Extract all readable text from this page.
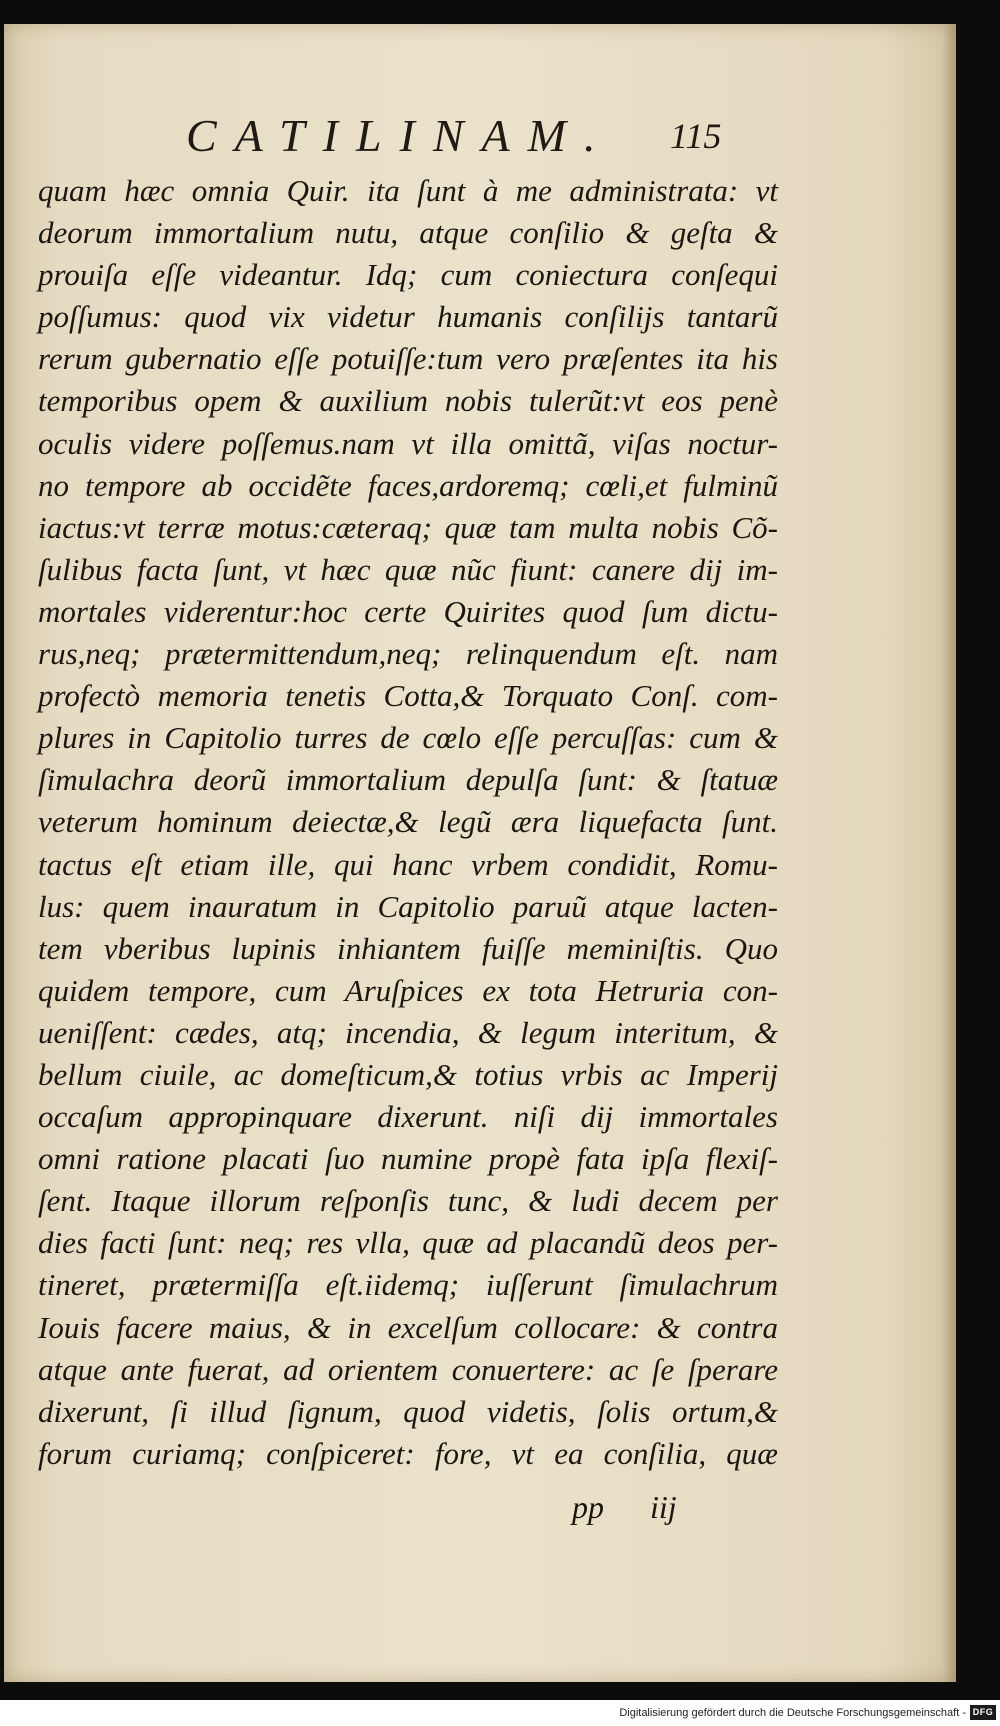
CATILINAM. 115
quam hæc omnia Quir. ita ſunt à me administrata: vt
deorum immortalium nutu, atque conſilio & geſta &
prouiſa eſſe videantur. Idq; cum coniectura conſequi
poſſumus: quod vix videtur humanis conſilijs tantarũ
rerum gubernatio eſſe potuiſſe:tum vero præſentes ita his
temporibus opem & auxilium nobis tulerũt:vt eos penè
oculis videre poſſemus.nam vt illa omittã, viſas noctur-
no tempore ab occidẽte faces,ardoremq; cœli,et fulminũ
iactus:vt terræ motus:cæteraq; quæ tam multa nobis Cõ-
ſulibus facta ſunt, vt hæc quæ nũc fiunt: canere dij im-
mortales viderentur:hoc certe Quirites quod ſum dictu-
rus,neq; prætermittendum,neq; relinquendum eſt. nam
profectò memoria tenetis Cotta,& Torquato Conſ. com-
plures in Capitolio turres de cœlo eſſe percuſſas: cum &
ſimulachra deorũ immortalium depulſa ſunt: & ſtatuæ
veterum hominum deiectæ,& legũ æra liquefacta ſunt.
tactus eſt etiam ille, qui hanc vrbem condidit, Romu-
lus: quem inauratum in Capitolio paruũ atque lacten-
tem vberibus lupinis inhiantem fuiſſe meminiſtis. Quo
quidem tempore, cum Aruſpices ex tota Hetruria con-
ueniſſent: cædes, atq; incendia, & legum interitum, &
bellum ciuile, ac domeſticum,& totius vrbis ac Imperij
occaſum appropinquare dixerunt. niſi dij immortales
omni ratione placati ſuo numine propè fata ipſa flexiſ-
ſent. Itaque illorum reſponſis tunc, & ludi decem per
dies facti ſunt: neq; res vlla, quæ ad placandũ deos per-
tineret, prætermiſſa eſt.iidemq; iuſſerunt ſimulachrum
Iouis facere maius, & in excelſum collocare: & contra
atque ante fuerat, ad orientem conuertere: ac ſe ſperare
dixerunt, ſi illud ſignum, quod videtis, ſolis ortum,&
forum curiamq; conſpiceret: fore, vt ea conſilia, quæ
pp iij
Digitalisierung gefördert durch die Deutsche Forschungsgemeinschaft - DFG
